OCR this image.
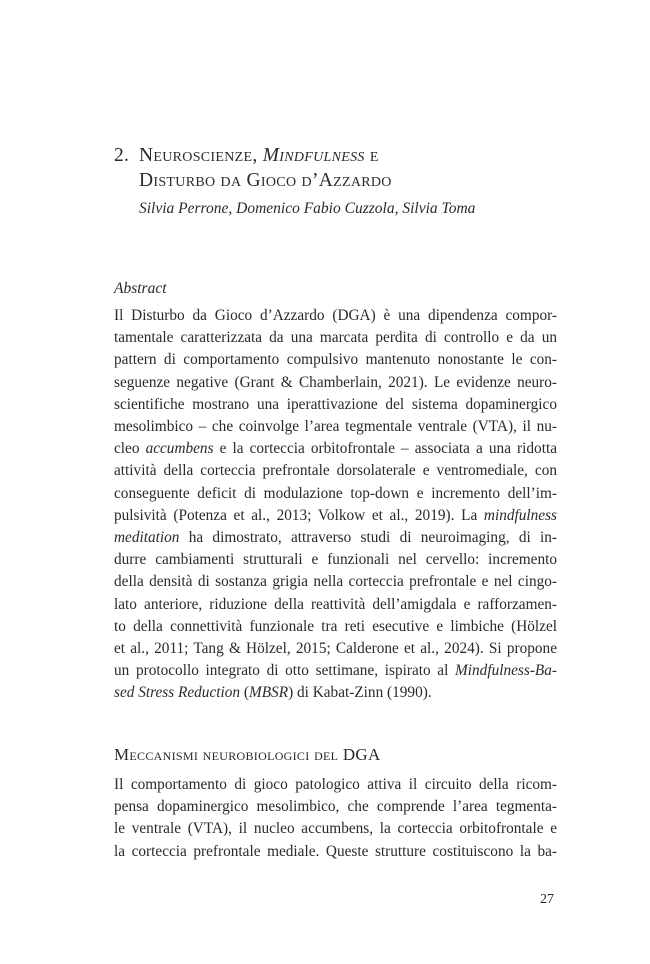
2. Neuroscienze, Mindfulness e
Disturbo da Gioco d’Azzardo
Silvia Perrone, Domenico Fabio Cuzzola, Silvia Toma
Abstract
Il Disturbo da Gioco d’Azzardo (DGA) è una dipendenza compor-
tamentale caratterizzata da una marcata perdita di controllo e da un
pattern di comportamento compulsivo mantenuto nonostante le con-
seguenze negative (Grant & Chamberlain, 2021). Le evidenze neuro-
scientifiche mostrano una iperattivazione del sistema dopaminergico
mesolimbico – che coinvolge l’area tegmentale ventrale (VTA), il nu-
cleo accumbens e la corteccia orbitofrontale – associata a una ridotta
attività della corteccia prefrontale dorsolaterale e ventromediale, con
conseguente deficit di modulazione top-down e incremento dell’im-
pulsività (Potenza et al., 2013; Volkow et al., 2019). La mindfulness
meditation ha dimostrato, attraverso studi di neuroimaging, di in-
durre cambiamenti strutturali e funzionali nel cervello: incremento
della densità di sostanza grigia nella corteccia prefrontale e nel cingo-
lato anteriore, riduzione della reattività dell’amigdala e rafforzamen-
to della connettività funzionale tra reti esecutive e limbiche (Hölzel
et al., 2011; Tang & Hölzel, 2015; Calderone et al., 2024). Si propone
un protocollo integrato di otto settimane, ispirato al Mindfulness-Ba-
sed Stress Reduction (MBSR) di Kabat-Zinn (1990).
Meccanismi neurobiologici del DGA
Il comportamento di gioco patologico attiva il circuito della ricom-
pensa dopaminergico mesolimbico, che comprende l’area tegmenta-
le ventrale (VTA), il nucleo accumbens, la corteccia orbitofrontale e
la corteccia prefrontale mediale. Queste strutture costituiscono la ba-
27
